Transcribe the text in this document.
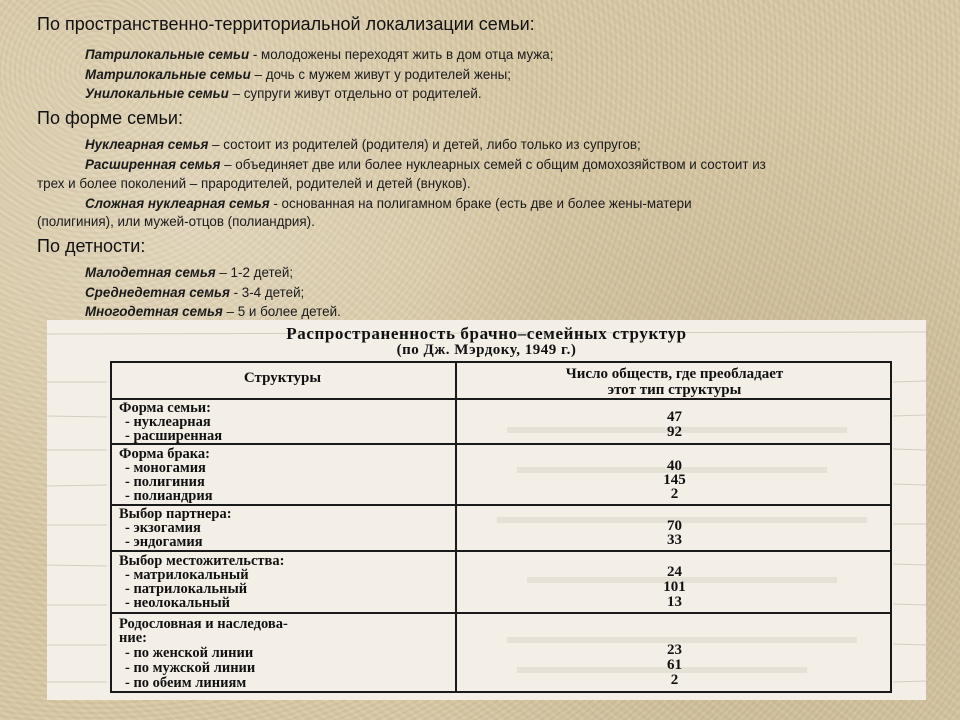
По пространственно-территориальной локализации семьи:

Патрилокальные семьи - молодожены переходят жить в дом отца мужа;

Матрилокальные семьи – дочь с мужем живут у родителей жены;

Унилокальные семьи – супруги живут отдельно от родителей.

По форме семьи:

Нуклеарная семья – состоит из родителей (родителя) и детей, либо только из супругов;

Расширенная семья – объединяет две или более нуклеарных семей с общим домохозяйством и состоит из

трех и более поколений – прародителей, родителей и детей (внуков).

Сложная нуклеарная семья - основанная на полигамном браке (есть две и более жены-матери

(полигиния), или мужей-отцов (полиандрия).

По детности:

Малодетная семья – 1-2 детей;

Среднедетная семья - 3-4 детей;

Многодетная семья – 5 и более детей.

Распространенность брачно–семейных структур

(по Дж. Мэрдоку, 1949 г.)

Структуры	Число обществ, где преобладает
этот тип структуры

Форма семьи:

- нуклеарная

- расширенная

47

92

Форма брака:

- моногамия

- полигиния

- полиандрия

40

145

2

Выбор партнера:

- экзогамия

- эндогамия

70

33

Выбор местожительства:

- матрилокальный

- патрилокальный

- неолокальный

24

101

13

Родословная и наследова-

ние:

- по женской линии

- по мужской линии

- по обеим линиям

23

61

2
